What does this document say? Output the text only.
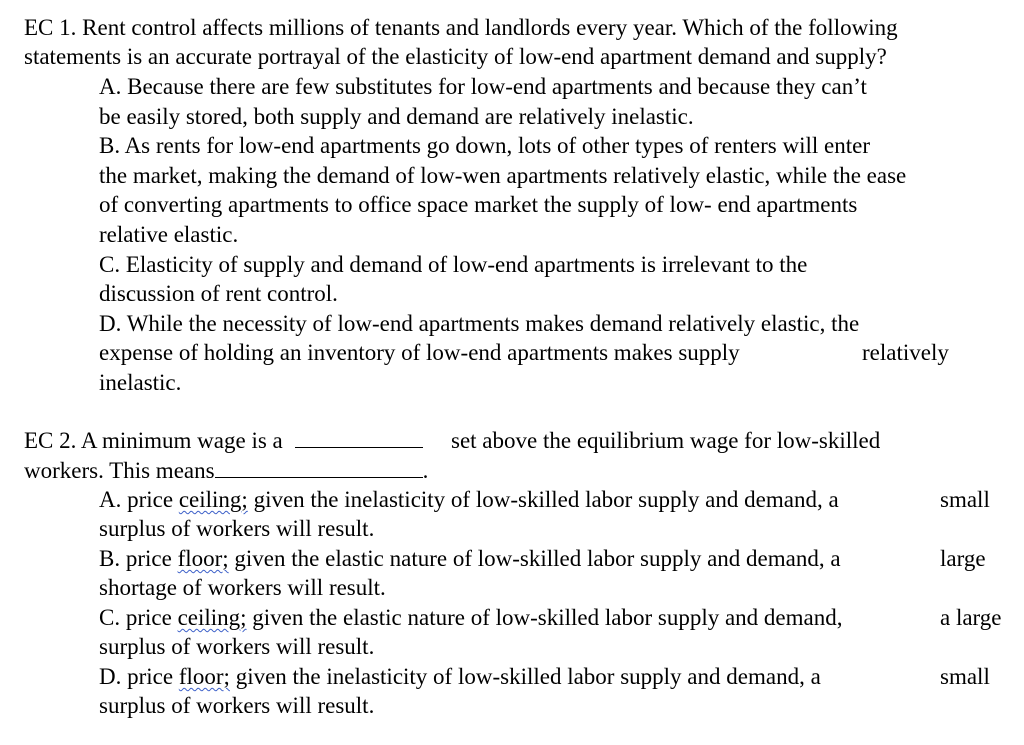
EC 1. Rent control affects millions of tenants and landlords every year. Which of the following
statements is an accurate portrayal of the elasticity of low-end apartment demand and supply?
A. Because there are few substitutes for low-end apartments and because they can’t
be easily stored, both supply and demand are relatively inelastic.
B. As rents for low-end apartments go down, lots of other types of renters will enter
the market, making the demand of low-wen apartments relatively elastic, while the ease
of converting apartments to office space market the supply of low- end apartments
relative elastic.
C. Elasticity of supply and demand of low-end apartments is irrelevant to the
discussion of rent control.
D. While the necessity of low-end apartments makes demand relatively elastic, the
expense of holding an inventory of low-end apartments makes supply	relatively
inelastic.
EC 2. A minimum wage is a	set above the equilibrium wage for low-skilled
workers. This means	.
A. price ceiling; given the inelasticity of low-skilled labor supply and demand, a	small
surplus of workers will result.
B. price floor; given the elastic nature of low-skilled labor supply and demand, a	large
shortage of workers will result.
C. price ceiling; given the elastic nature of low-skilled labor supply and demand,	a large
surplus of workers will result.
D. price floor; given the inelasticity of low-skilled labor supply and demand, a	small
surplus of workers will result.
